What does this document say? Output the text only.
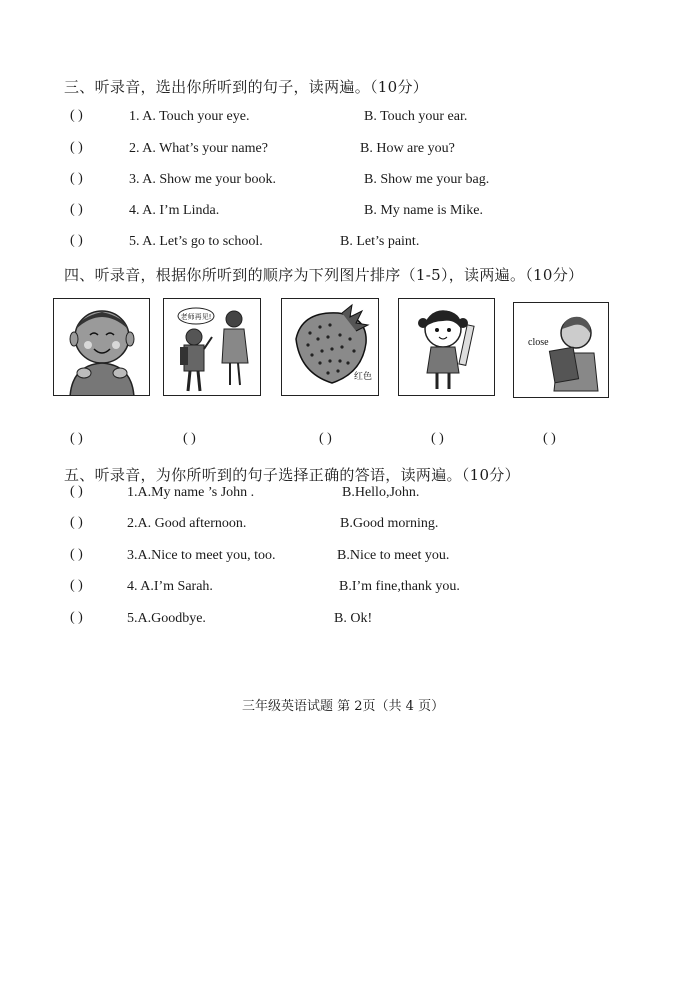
三、听录音，选出你所听到的句子，读两遍。（10分）
( )	1. A. Touch your eye.	B. Touch your ear.
( )	2. A. What’s your name?	B. How are you?
( )	3. A. Show me your book.	B. Show me your bag.
( )	4. A. I’m Linda.	B. My name is Mike.
( )	5. A. Let’s go to school.	B. Let’s paint.
四、听录音，根据你所听到的顺序为下列图片排序（1-5），读两遍。（10分）
老师再见!
红色
close
( )	( )	( )	( )	( )
五、听录音，为你所听到的句子选择正确的答语，读两遍。（10分）
( )	1.A.My name ’s John .	B.Hello,John.
( )	2.A. Good afternoon.	B.Good morning.
( )	3.A.Nice to meet you, too.	B.Nice to meet you.
( )	4. A.I’m Sarah.	B.I’m fine,thank you.
( )	5.A.Goodbye.	B. Ok!
三年级英语试题 第 2页（共 4 页）
